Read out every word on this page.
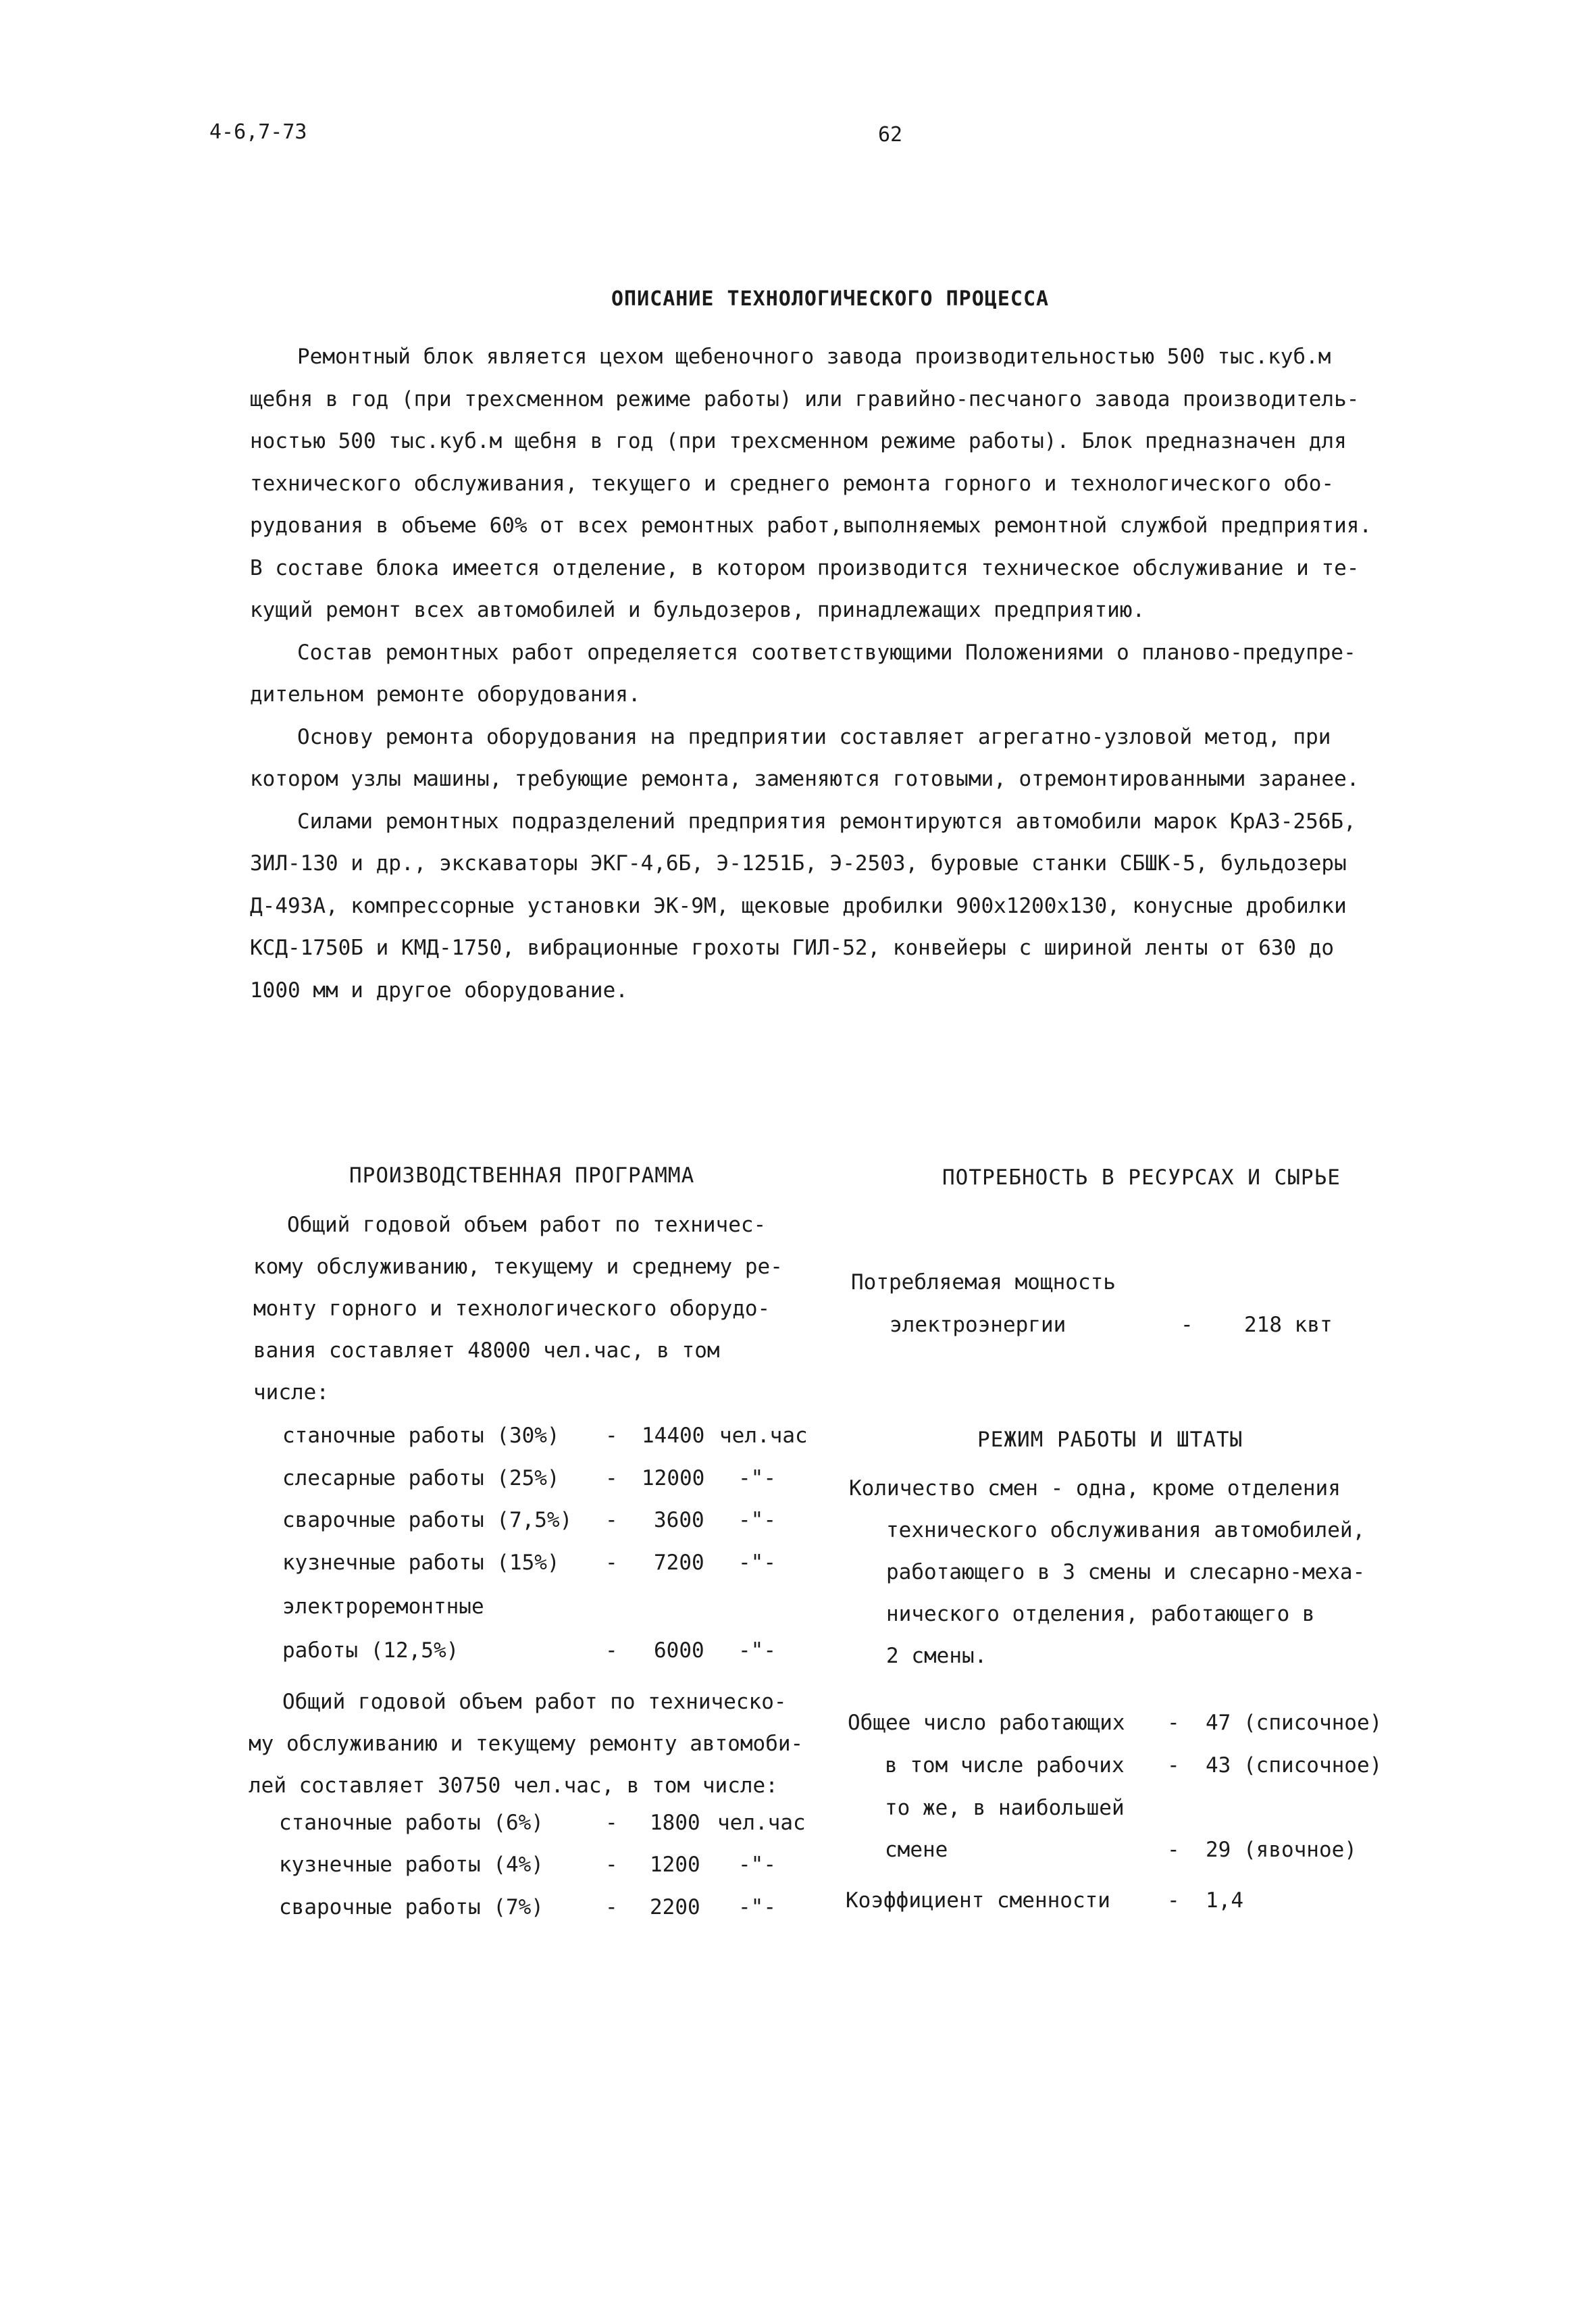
4-6,7-73	62
ОПИСАНИЕ ТЕХНОЛОГИЧЕСКОГО ПРОЦЕССА
Ремонтный блок является цехом щебеночного завода производительностью 500 тыс.куб.м
щебня в год (при трехсменном режиме работы) или гравийно-песчаного завода производитель-
ностью 500 тыс.куб.м щебня в год (при трехсменном режиме работы). Блок предназначен для
технического обслуживания, текущего и среднего ремонта горного и технологического обо-
рудования в объеме 60% от всех ремонтных работ,выполняемых ремонтной службой предприятия.
В составе блока имеется отделение, в котором производится техническое обслуживание и те-
кущий ремонт всех автомобилей и бульдозеров, принадлежащих предприятию.
Состав ремонтных работ определяется соответствующими Положениями о планово-предупре-
дительном ремонте оборудования.
Основу ремонта оборудования на предприятии составляет агрегатно-узловой метод, при
котором узлы машины, требующие ремонта, заменяются готовыми, отремонтированными заранее.
Силами ремонтных подразделений предприятия ремонтируются автомобили марок КрАЗ-256Б,
ЗИЛ-130 и др., экскаваторы ЭКГ-4,6Б, Э-1251Б, Э-2503, буровые станки СБШК-5, бульдозеры
Д-493А, компрессорные установки ЭК-9М, щековые дробилки 900x1200x130, конусные дробилки
КСД-1750Б и КМД-1750, вибрационные грохоты ГИЛ-52, конвейеры с шириной ленты от 630 до
1000 мм и другое оборудование.
ПРОИЗВОДСТВЕННАЯ ПРОГРАММА
Общий годовой объем работ по техничес-
кому обслуживанию, текущему и среднему ре-
монту горного и технологического оборудо-
вания составляет 48000 чел.час, в том
числе:
станочные работы (30%) - 14400 чел.час
слесарные работы (25%) - 12000 -"-
сварочные работы (7,5%) - 3600 -"-
кузнечные работы (15%) - 7200 -"-
электроремонтные
работы (12,5%)	- 6000 -"-
Общий годовой объем работ по техническо-
му обслуживанию и текущему ремонту автомоби-
лей составляет 30750 чел.час, в том числе:
станочные работы (6%)	- 1800 чел.час
кузнечные работы (4%)	- 1200 -"-
сварочные работы (7%)	- 2200 -"-
ПОТРЕБНОСТЬ В РЕСУРСАХ И СЫРЬЕ
Потребляемая мощность
электроэнергии	- 218 квт
РЕЖИМ РАБОТЫ И ШТАТЫ
Количество смен - одна, кроме отделения
технического обслуживания автомобилей,
работающего в 3 смены и слесарно-меха-
нического отделения, работающего в
2 смены.
Общее число работающих - 47 (списочное)
в том числе рабочих - 43 (списочное)
то же, в наибольшей
смене	- 29 (явочное)
Коэффициент сменности	- 1,4
